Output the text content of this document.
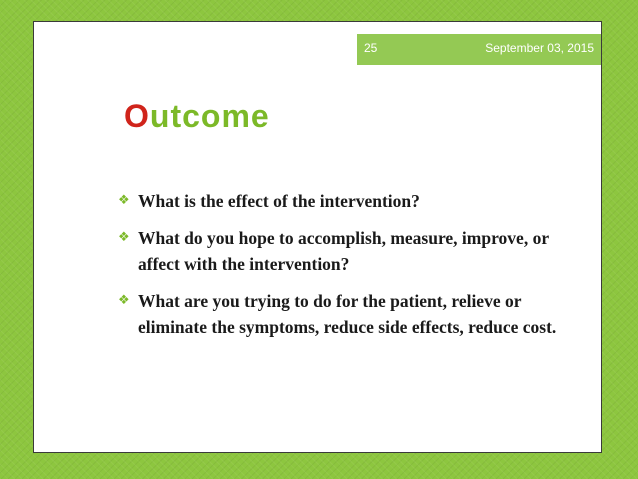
25	September 03, 2015
Outcome
❖ What is the effect of the intervention?
❖ What do you hope to accomplish, measure, improve, or affect with the intervention?
❖ What are you trying to do for the patient, relieve or eliminate the symptoms, reduce side effects, reduce cost.
